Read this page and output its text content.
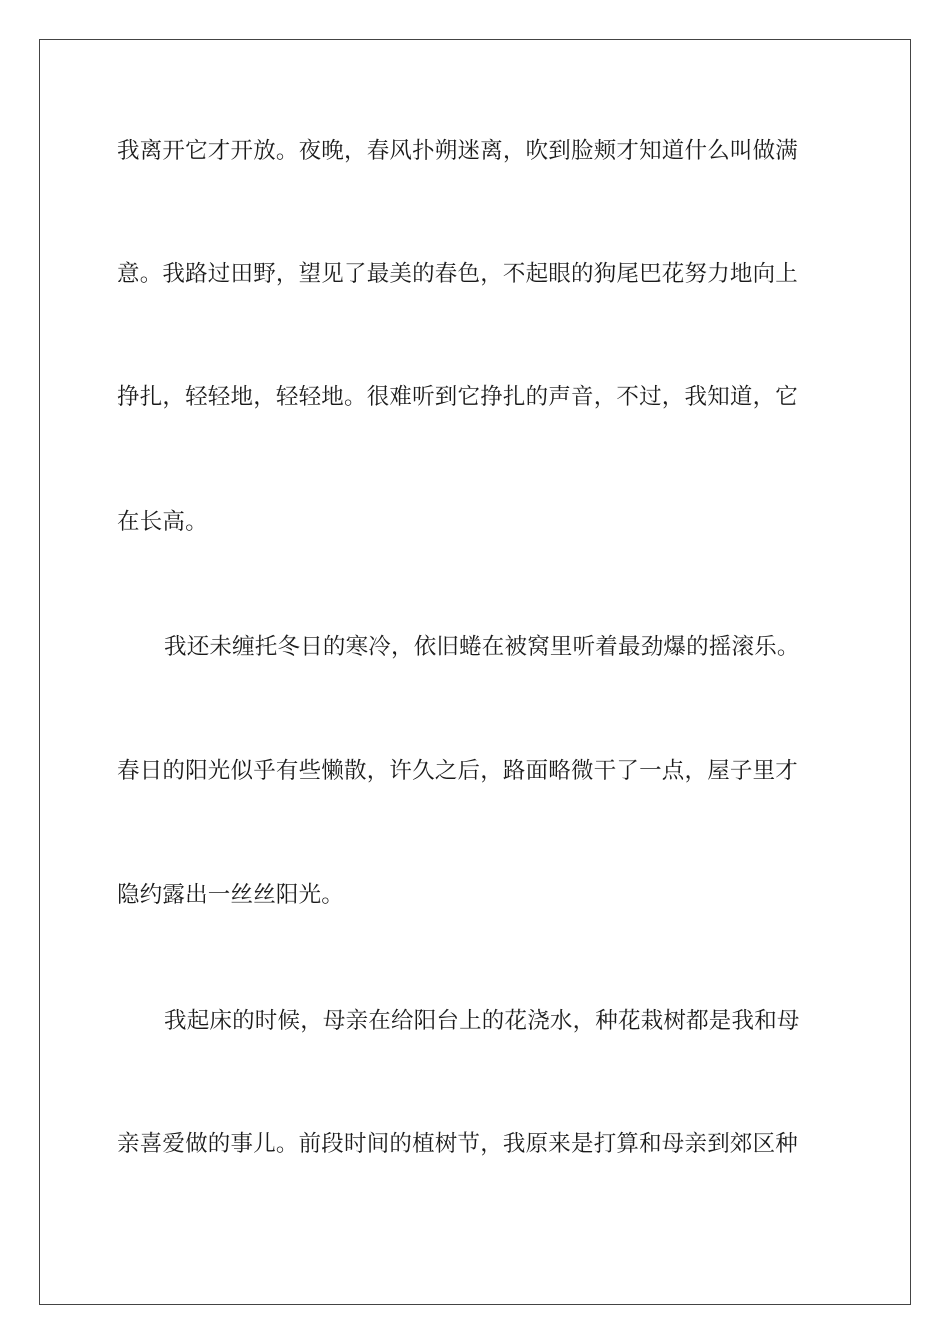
我离开它才开放。夜晚，春风扑朔迷离，吹到脸颊才知道什么叫做满
意。我路过田野，望见了最美的春色，不起眼的狗尾巴花努力地向上
挣扎，轻轻地，轻轻地。很难听到它挣扎的声音，不过，我知道，它
在长高。
我还未缠托冬日的寒冷，依旧蜷在被窝里听着最劲爆的摇滚乐。
春日的阳光似乎有些懒散，许久之后，路面略微干了一点，屋子里才
隐约露出一丝丝阳光。
我起床的时候，母亲在给阳台上的花浇水，种花栽树都是我和母
亲喜爱做的事儿。前段时间的植树节，我原来是打算和母亲到郊区种
